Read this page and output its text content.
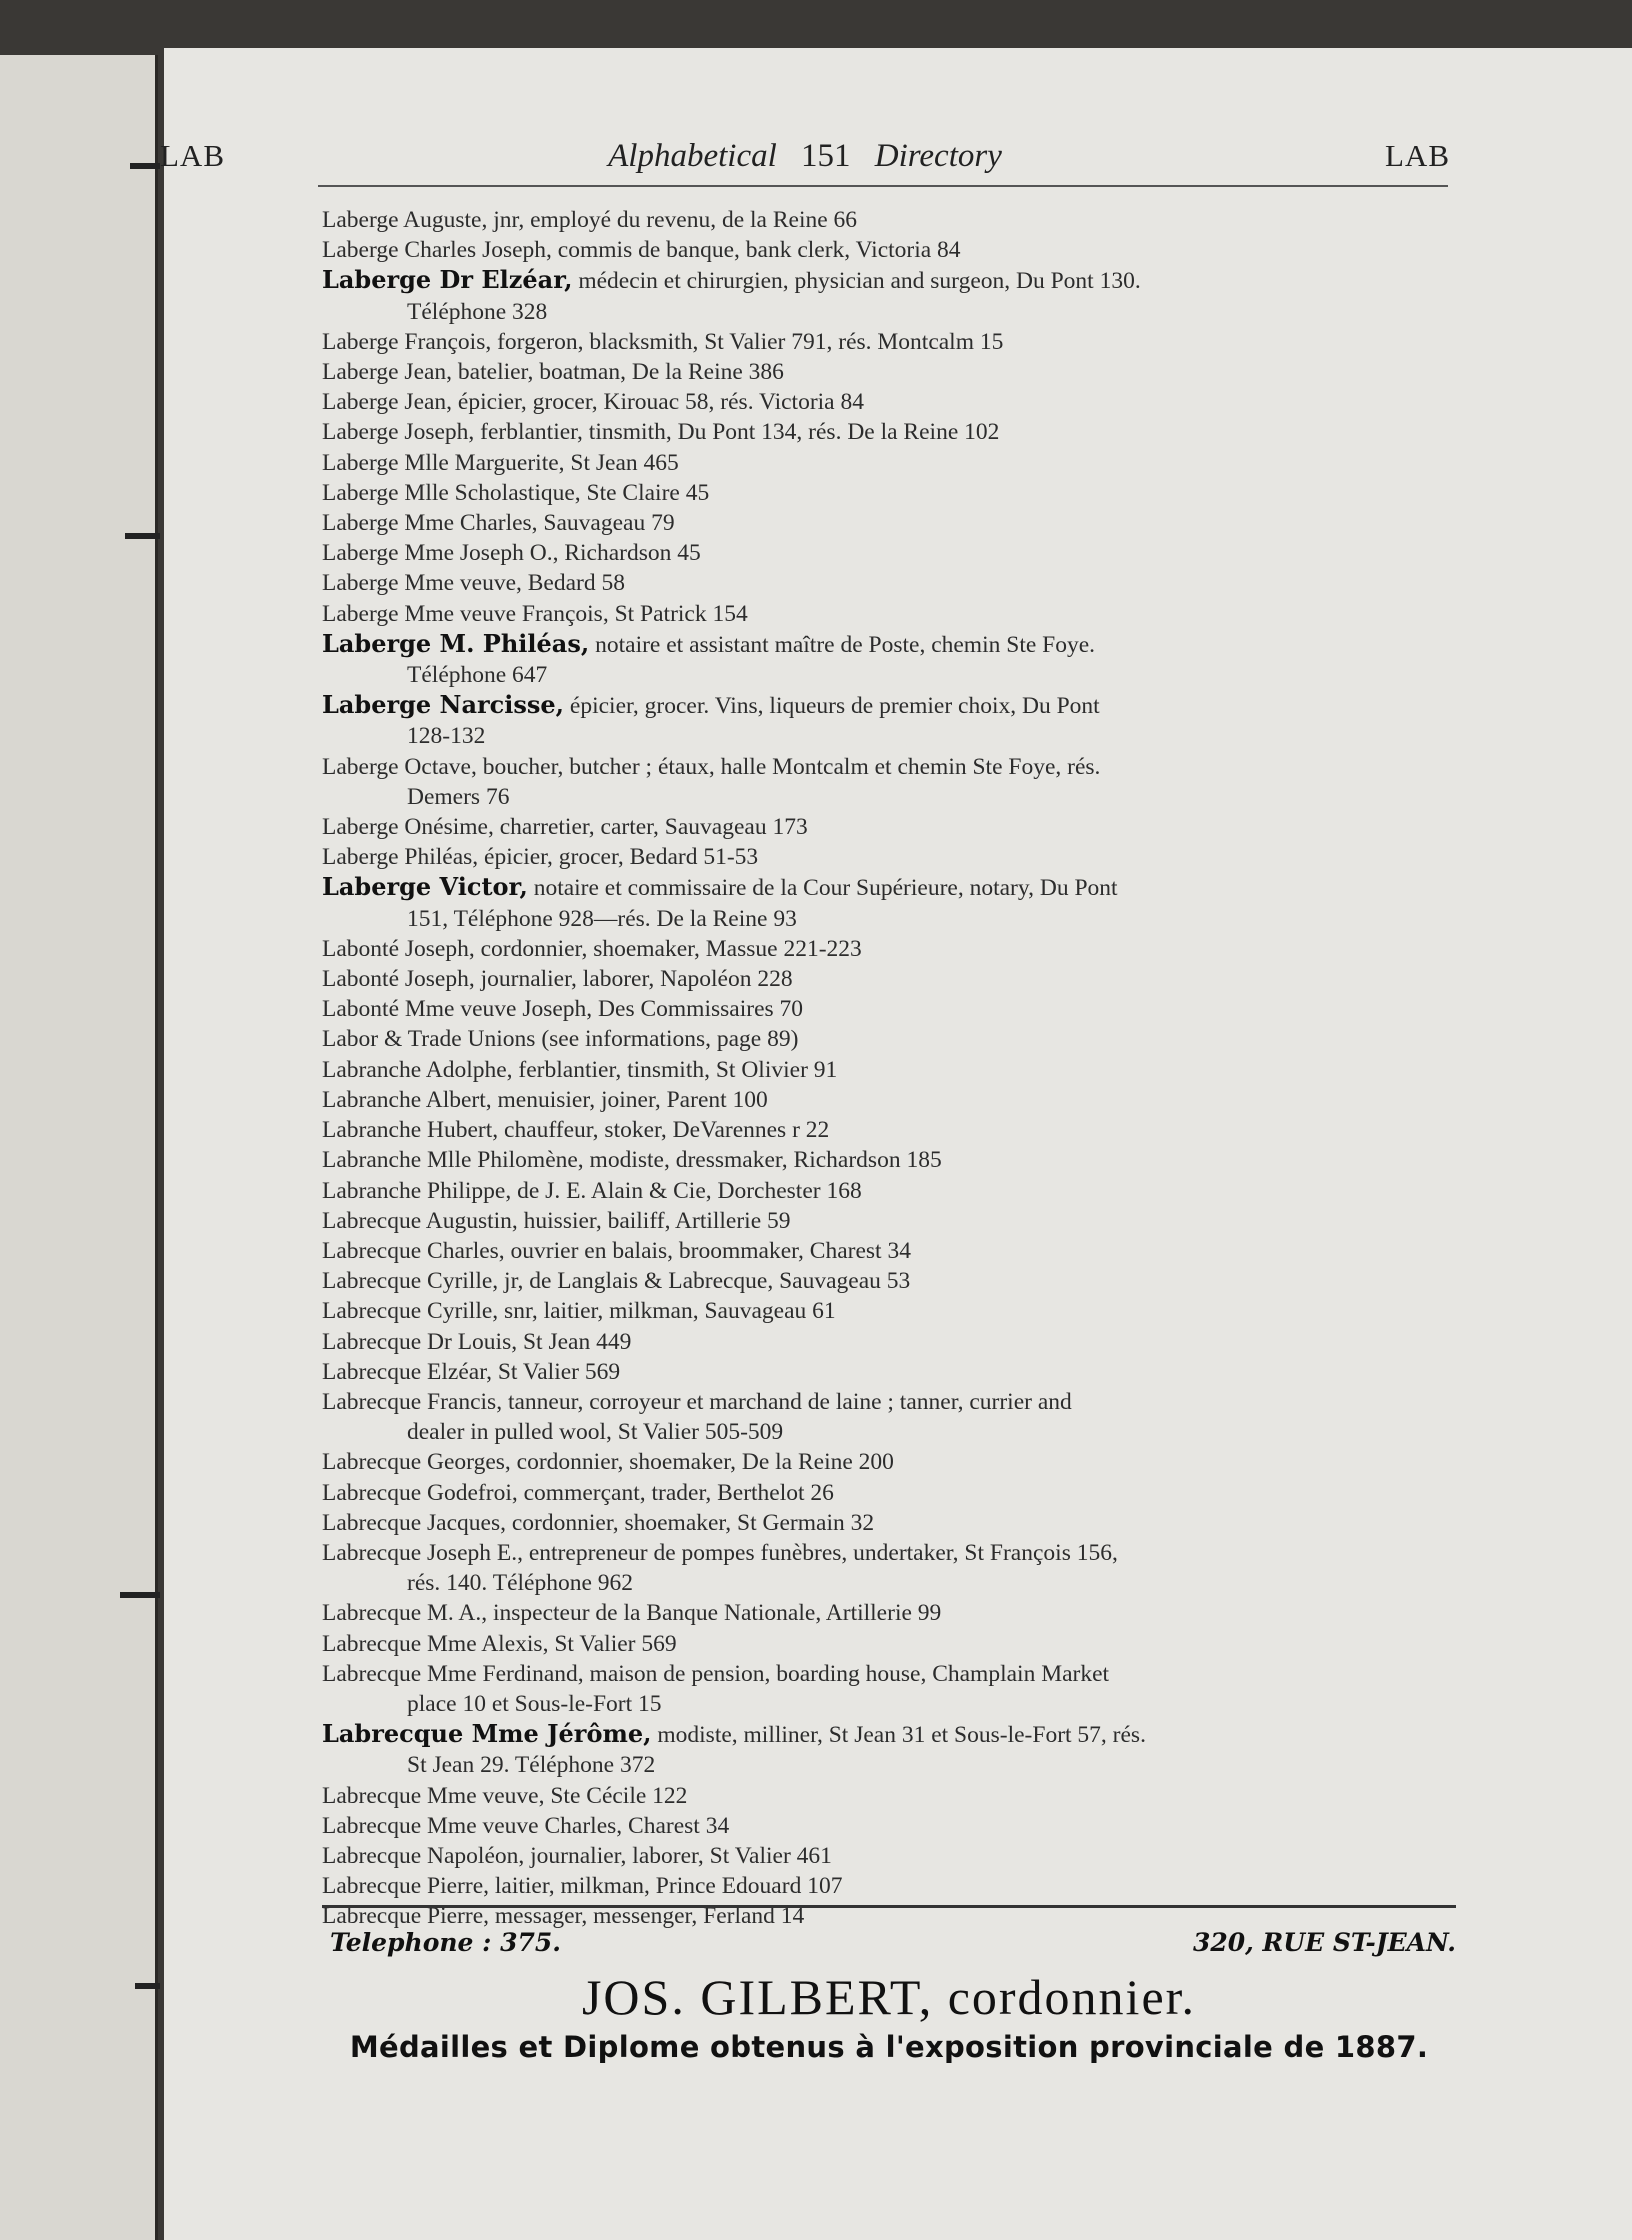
LAB	Alphabetical 151 Directory	LAB
Laberge Auguste, jnr, employé du revenu, de la Reine 66
Laberge Charles Joseph, commis de banque, bank clerk, Victoria 84
Laberge Dr Elzéar, médecin et chirurgien, physician and surgeon, Du Pont 130.
Téléphone 328
Laberge François, forgeron, blacksmith, St Valier 791, rés. Montcalm 15
Laberge Jean, batelier, boatman, De la Reine 386
Laberge Jean, épicier, grocer, Kirouac 58, rés. Victoria 84
Laberge Joseph, ferblantier, tinsmith, Du Pont 134, rés. De la Reine 102
Laberge Mlle Marguerite, St Jean 465
Laberge Mlle Scholastique, Ste Claire 45
Laberge Mme Charles, Sauvageau 79
Laberge Mme Joseph O., Richardson 45
Laberge Mme veuve, Bedard 58
Laberge Mme veuve François, St Patrick 154
Laberge M. Philéas, notaire et assistant maître de Poste, chemin Ste Foye.
Téléphone 647
Laberge Narcisse, épicier, grocer. Vins, liqueurs de premier choix, Du Pont
128-132
Laberge Octave, boucher, butcher ; étaux, halle Montcalm et chemin Ste Foye, rés.
Demers 76
Laberge Onésime, charretier, carter, Sauvageau 173
Laberge Philéas, épicier, grocer, Bedard 51-53
Laberge Victor, notaire et commissaire de la Cour Supérieure, notary, Du Pont
151, Téléphone 928—rés. De la Reine 93
Labonté Joseph, cordonnier, shoemaker, Massue 221-223
Labonté Joseph, journalier, laborer, Napoléon 228
Labonté Mme veuve Joseph, Des Commissaires 70
Labor & Trade Unions (see informations, page 89)
Labranche Adolphe, ferblantier, tinsmith, St Olivier 91
Labranche Albert, menuisier, joiner, Parent 100
Labranche Hubert, chauffeur, stoker, DeVarennes r 22
Labranche Mlle Philomène, modiste, dressmaker, Richardson 185
Labranche Philippe, de J. E. Alain & Cie, Dorchester 168
Labrecque Augustin, huissier, bailiff, Artillerie 59
Labrecque Charles, ouvrier en balais, broommaker, Charest 34
Labrecque Cyrille, jr, de Langlais & Labrecque, Sauvageau 53
Labrecque Cyrille, snr, laitier, milkman, Sauvageau 61
Labrecque Dr Louis, St Jean 449
Labrecque Elzéar, St Valier 569
Labrecque Francis, tanneur, corroyeur et marchand de laine ; tanner, currier and
dealer in pulled wool, St Valier 505-509
Labrecque Georges, cordonnier, shoemaker, De la Reine 200
Labrecque Godefroi, commerçant, trader, Berthelot 26
Labrecque Jacques, cordonnier, shoemaker, St Germain 32
Labrecque Joseph E., entrepreneur de pompes funèbres, undertaker, St François 156,
rés. 140. Téléphone 962
Labrecque M. A., inspecteur de la Banque Nationale, Artillerie 99
Labrecque Mme Alexis, St Valier 569
Labrecque Mme Ferdinand, maison de pension, boarding house, Champlain Market
place 10 et Sous-le-Fort 15
Labrecque Mme Jérôme, modiste, milliner, St Jean 31 et Sous-le-Fort 57, rés.
St Jean 29. Téléphone 372
Labrecque Mme veuve, Ste Cécile 122
Labrecque Mme veuve Charles, Charest 34
Labrecque Napoléon, journalier, laborer, St Valier 461
Labrecque Pierre, laitier, milkman, Prince Edouard 107
Labrecque Pierre, messager, messenger, Ferland 14
Telephone : 375.	320, RUE ST-JEAN.
JOS. GILBERT, cordonnier.
Médailles et Diplome obtenus à l'exposition provinciale de 1887.
